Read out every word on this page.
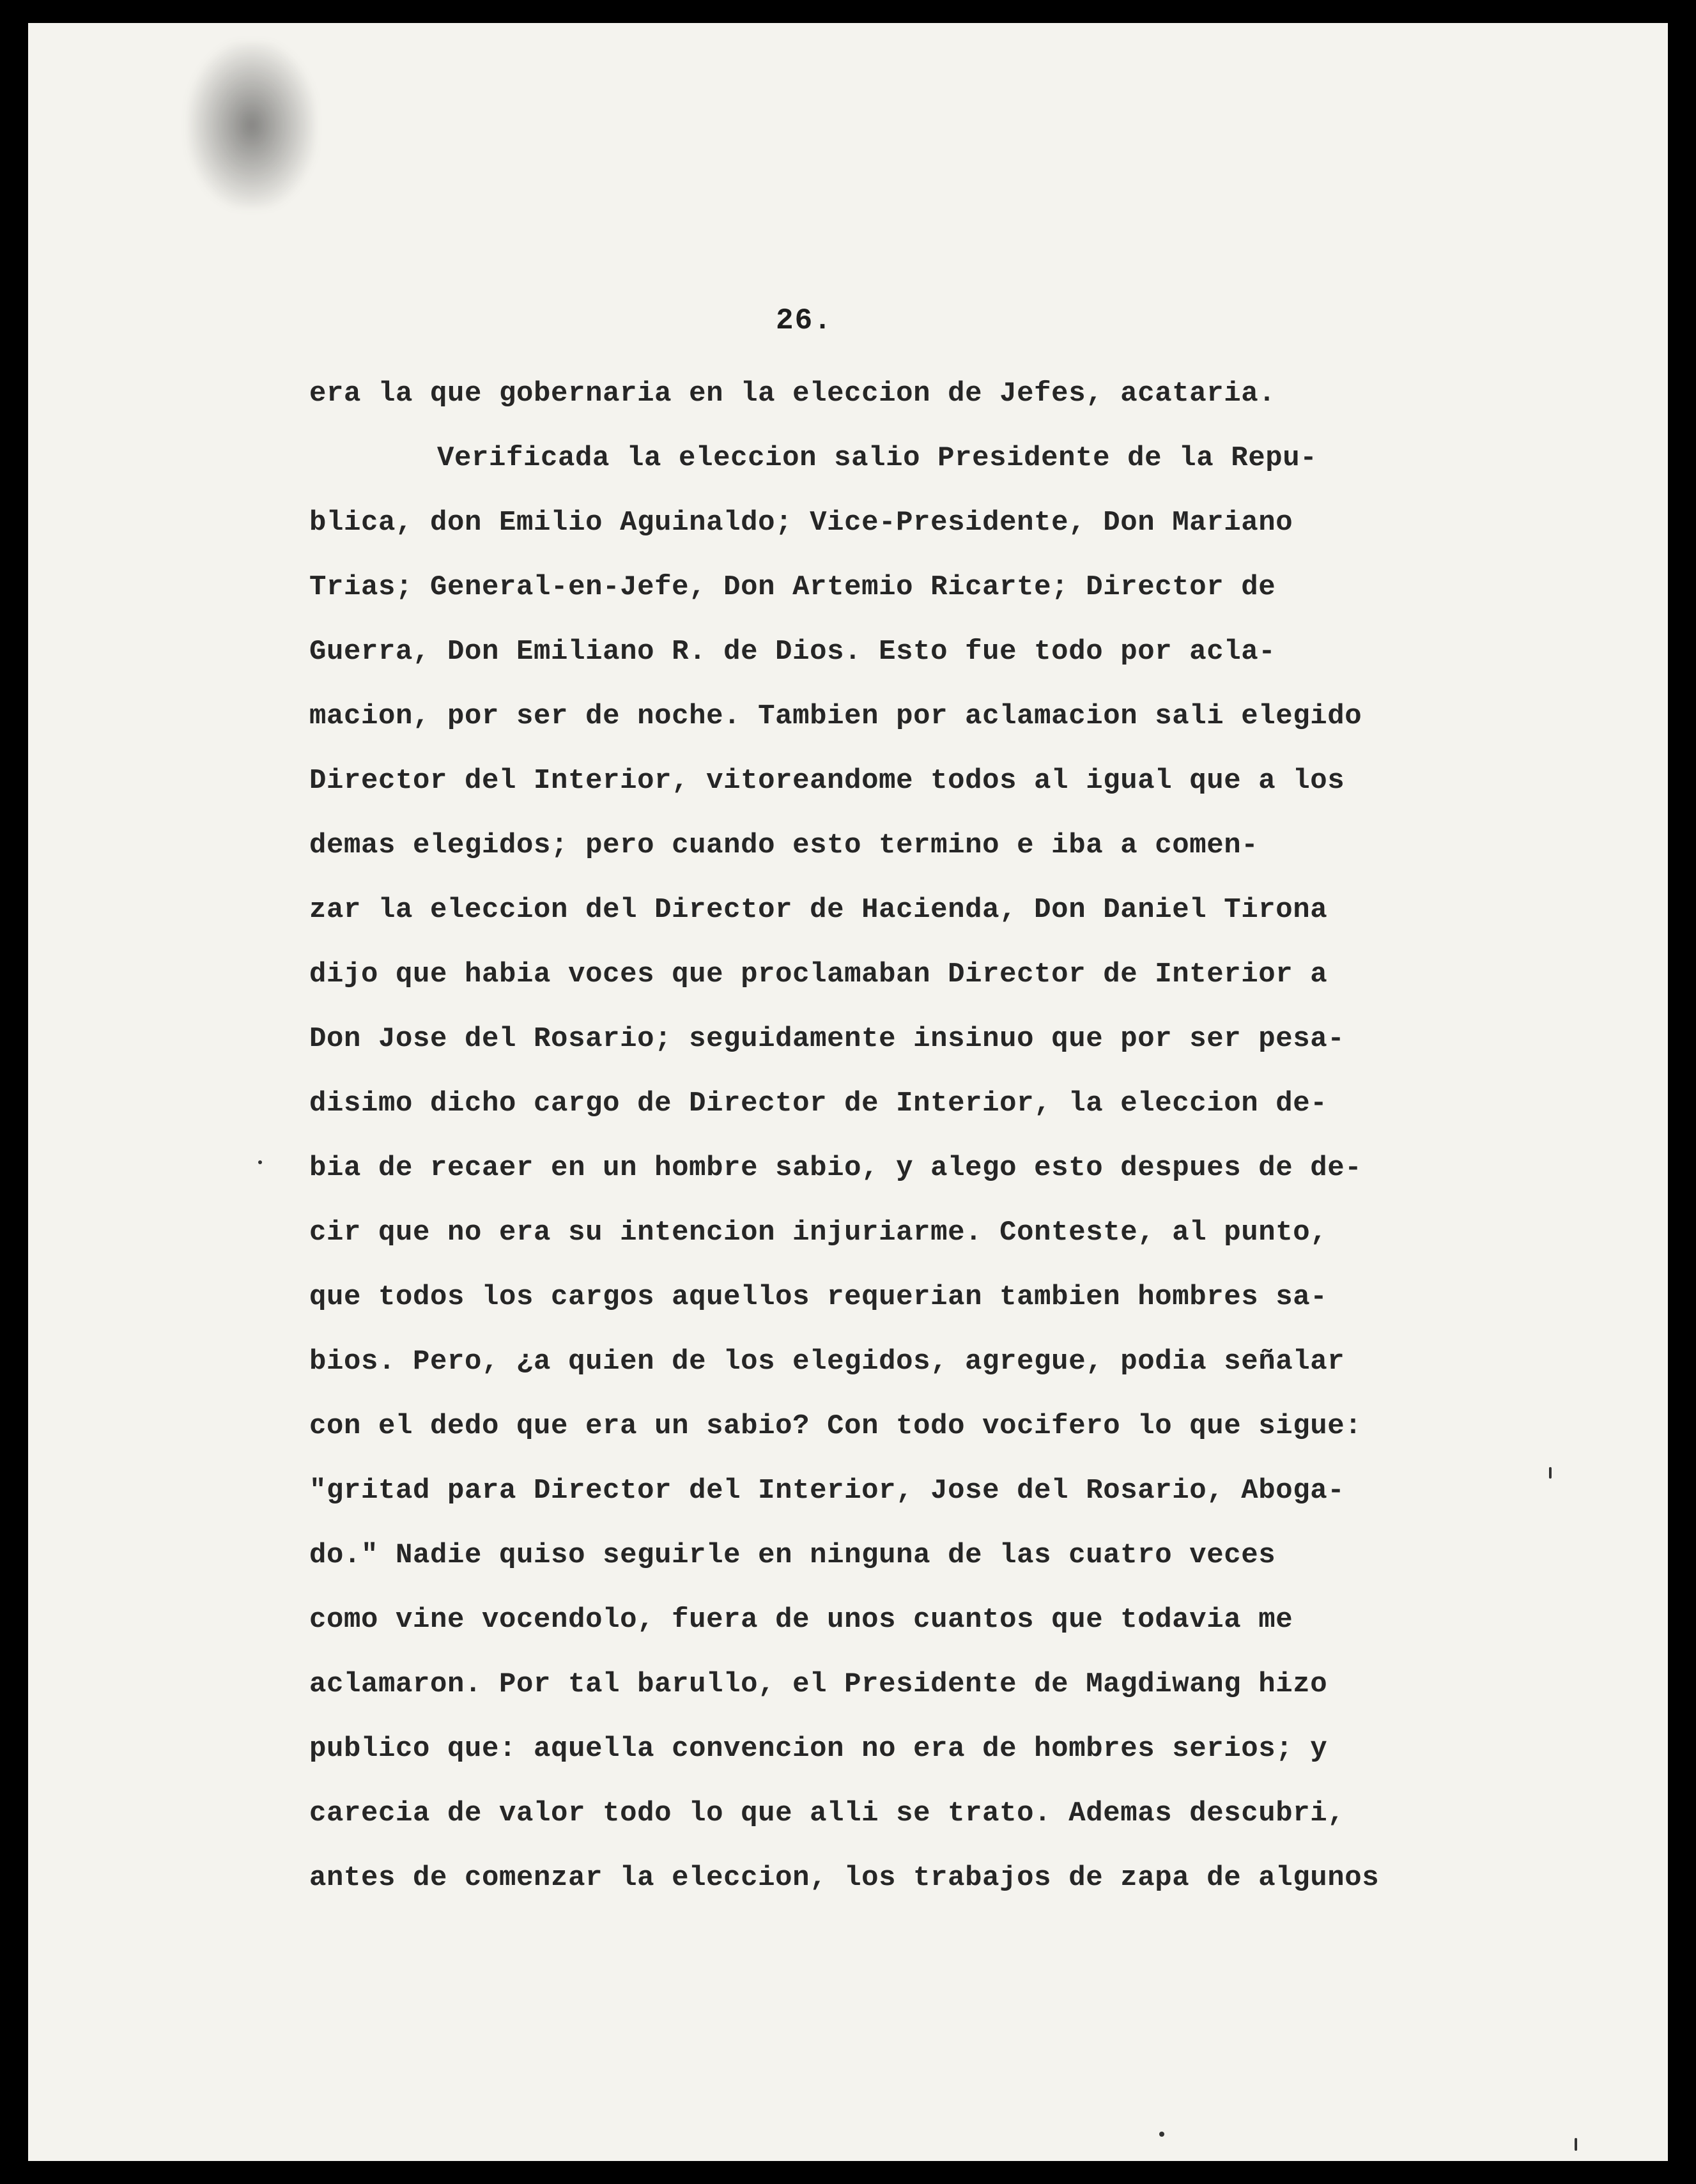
26.
era la que gobernaria en la eleccion de Jefes, acataria.
Verificada la eleccion salio Presidente de la Repu-
blica, don Emilio Aguinaldo; Vice-Presidente, Don Mariano
Trias; General-en-Jefe, Don Artemio Ricarte; Director de
Guerra, Don Emiliano R. de Dios. Esto fue todo por acla-
macion, por ser de noche. Tambien por aclamacion sali elegido
Director del Interior, vitoreandome todos al igual que a los
demas elegidos; pero cuando esto termino e iba a comen-
zar la eleccion del Director de Hacienda, Don Daniel Tirona
dijo que habia voces que proclamaban Director de Interior a
Don Jose del Rosario; seguidamente insinuo que por ser pesa-
disimo dicho cargo de Director de Interior, la eleccion de-
bia de recaer en un hombre sabio, y alego esto despues de de-
cir que no era su intencion injuriarme. Conteste, al punto,
que todos los cargos aquellos requerian tambien hombres sa-
bios. Pero, ¿a quien de los elegidos, agregue, podia señalar
con el dedo que era un sabio? Con todo vocifero lo que sigue:
"gritad para Director del Interior, Jose del Rosario, Aboga-
do." Nadie quiso seguirle en ninguna de las cuatro veces
como vine vocendolo, fuera de unos cuantos que todavia me
aclamaron. Por tal barullo, el Presidente de Magdiwang hizo
publico que: aquella convencion no era de hombres serios; y
carecia de valor todo lo que alli se trato. Ademas descubri,
antes de comenzar la eleccion, los trabajos de zapa de algunos
